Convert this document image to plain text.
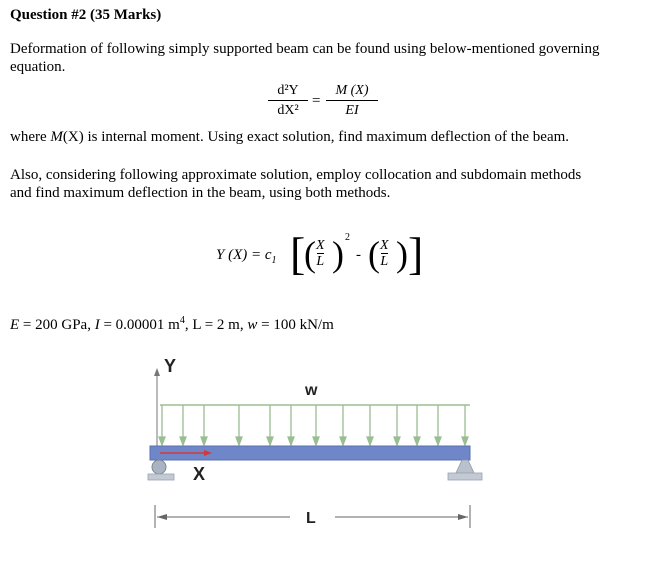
Question #2 (35 Marks)
Deformation of following simply supported beam can be found using below-mentioned governing
equation.
d²Y
dX²
=
M (X)
EI
where M(X) is internal moment. Using exact solution, find maximum deflection of the beam.
Also, considering following approximate solution, employ collocation and subdomain methods
and find maximum deflection in the beam, using both methods.
Y $(X) = c_1$ [
( X
L ) 2
- ( X
L ) ]
E = 200 GPa, I = 0.00001 $m^4$, L = 2 m, w = 100 kN/m
Y
w
X
L
